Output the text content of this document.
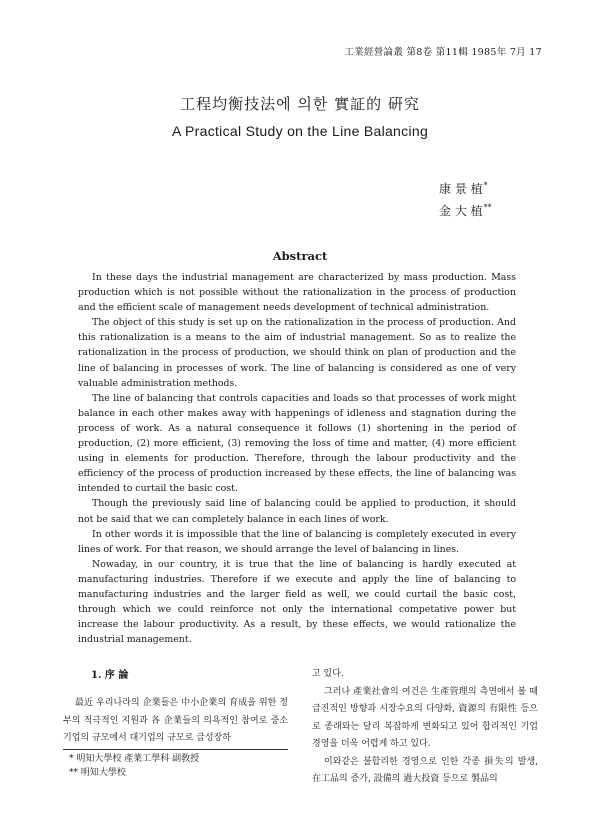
工業經營論叢 第8卷 第11輯 1985年 7月 17
工程均衡技法에 의한 實証的 硏究
A Practical Study on the Line Balancing
康 景 植*
金 大 植**
Abstract

In these days the industrial management are characterized by mass production. Mass production which is not possible without the rationalization in the process of production and the efficient scale of management needs development of technical administration.

The object of this study is set up on the rationalization in the process of production. And this rationalization is a means to the aim of industrial management. So as to realize the rationalization in the process of production, we should think on plan of production and the line of balancing in processes of work. The line of balancing is considered as one of very valuable administration methods.

The line of balancing that controls capacities and loads so that processes of work might balance in each other makes away with happenings of idleness and stagnation during the process of work. As a natural consequence it follows (1) shortening in the period of production, (2) more efficient, (3) removing the loss of time and matter, (4) more efficient using in elements for production. Therefore, through the labour productivity and the efficiency of the process of production increased by these effects, the line of balancing was intended to curtail the basic cost.

Though the previously said line of balancing could be applied to production, it should not be said that we can completely balance in each lines of work.

In other words it is impossible that the line of balancing is completely executed in every lines of work. For that reason, we should arrange the level of balancing in lines.

Nowaday, in our country, it is true that the line of balancing is hardly executed at manufacturing industries. Therefore if we execute and apply the line of balancing to manufacturing industries and the larger field as well, we could curtail the basic cost, through which we could reinforce not only the international competative power but increase the labour productivity. As a result, by these effects, we would rationalize the industrial management.

1. 序 論

最近 우리나라의 企業들은 中小企業의 育成을 위한 정부의 적극적인 지원과 各 企業들의 의욕적인 참여로 중소기업의 규모에서 대기업의 규모로 급성장하

고 있다.

그러나 產業社會의 여건은 生產管理의 측면에서 볼 때 급진적인 방향과 시장수요의 다양화, 資源의 有限性 등으로 종래와는 달리 복잡하게 변화되고 있어 합리적인 기업경영을 더욱 어렵게 하고 있다.

이와같은 불합리한 경영으로 인한 각종 損失의 발생, 在工品의 증가, 設備의 過大投資 등으로 製品의

* 明知大學校 產業工學科 副敎授
** 明知大學校
